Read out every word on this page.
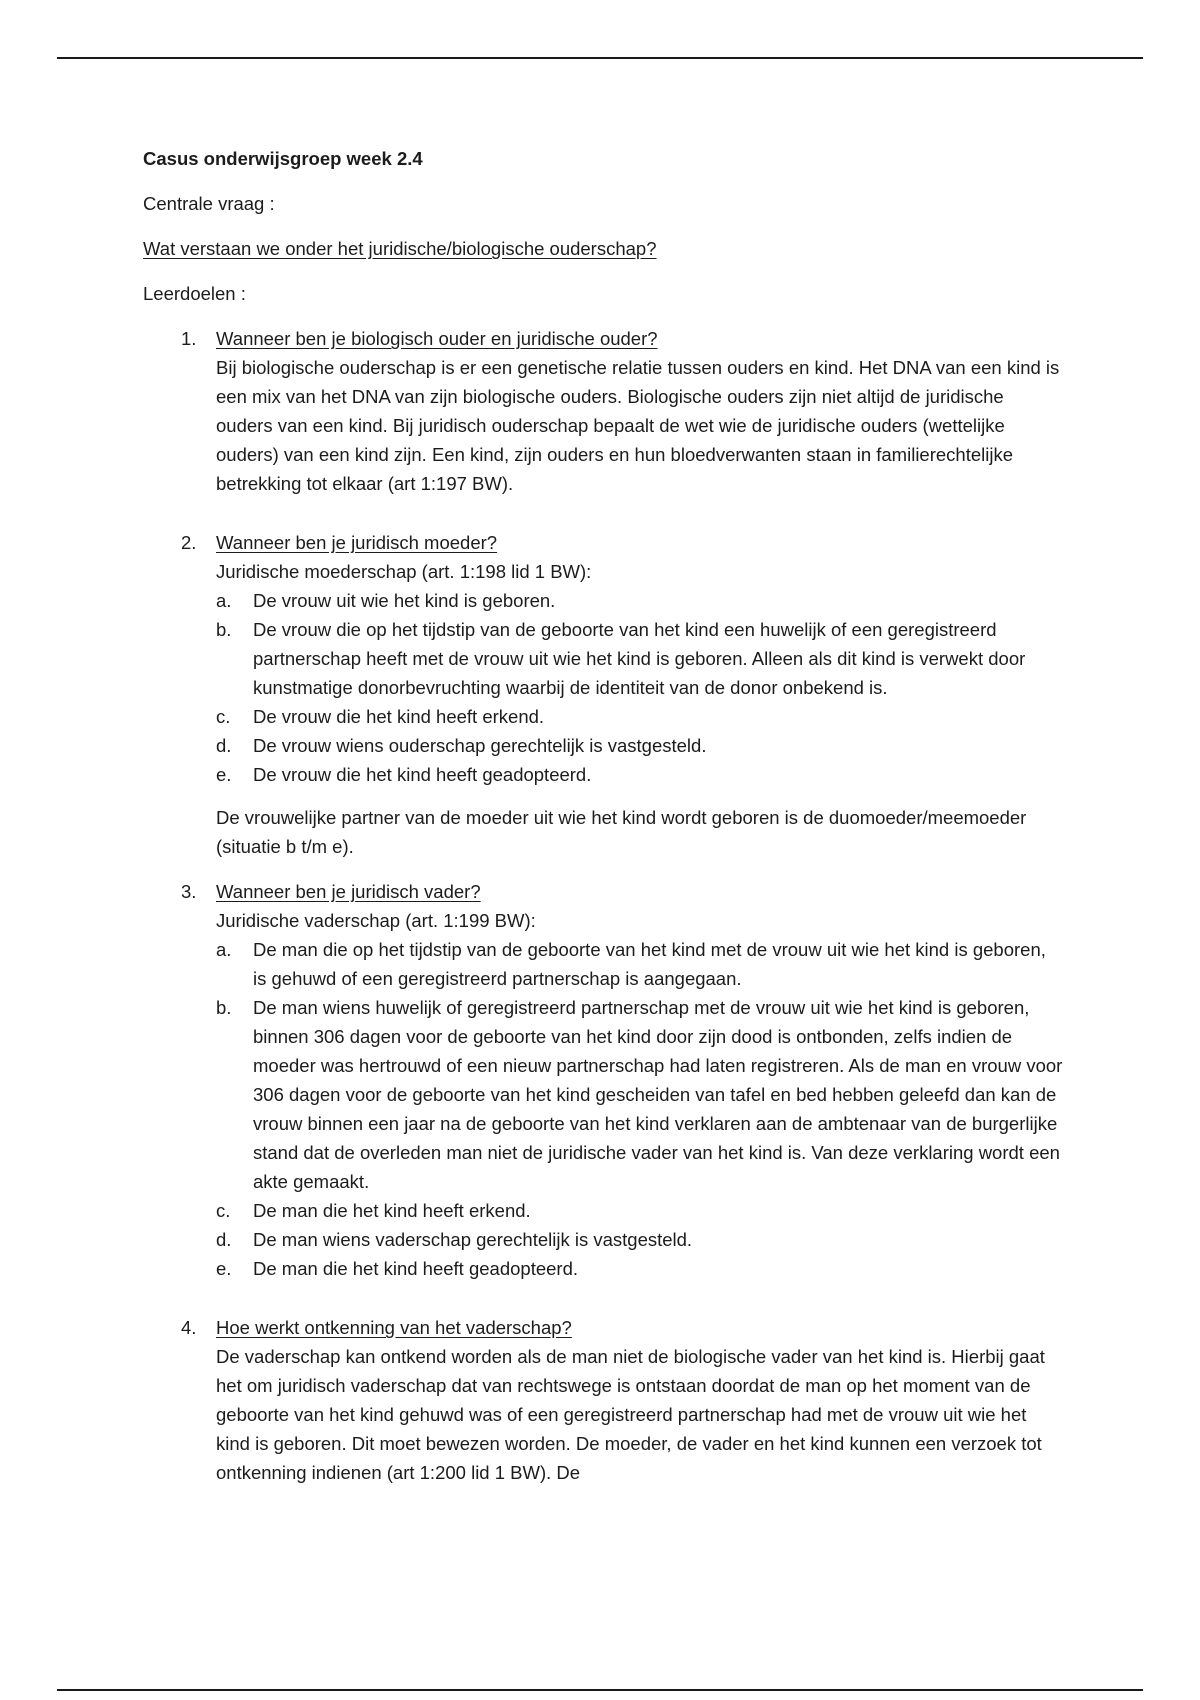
Casus onderwijsgroep week 2.4

Centrale vraag :

Wat verstaan we onder het juridische/biologische ouderschap?

Leerdoelen :

1. Wanneer ben je biologisch ouder en juridische ouder?

Bij biologische ouderschap is er een genetische relatie tussen ouders en kind. Het DNA van een kind is een mix van het DNA van zijn biologische ouders. Biologische ouders zijn niet altijd de juridische ouders van een kind. Bij juridisch ouderschap bepaalt de wet wie de juridische ouders (wettelijke ouders) van een kind zijn. Een kind, zijn ouders en hun bloedverwanten staan in familierechtelijke betrekking tot elkaar (art 1:197 BW).

2. Wanneer ben je juridisch moeder?

Juridische moederschap (art. 1:198 lid 1 BW):

a. De vrouw uit wie het kind is geboren.
b. De vrouw die op het tijdstip van de geboorte van het kind een huwelijk of een geregistreerd partnerschap heeft met de vrouw uit wie het kind is geboren. Alleen als dit kind is verwekt door kunstmatige donorbevruchting waarbij de identiteit van de donor onbekend is.
c. De vrouw die het kind heeft erkend.
d. De vrouw wiens ouderschap gerechtelijk is vastgesteld.
e. De vrouw die het kind heeft geadopteerd.

De vrouwelijke partner van de moeder uit wie het kind wordt geboren is de duomoeder/meemoeder (situatie b t/m e).

3. Wanneer ben je juridisch vader?

Juridische vaderschap (art. 1:199 BW):

a. De man die op het tijdstip van de geboorte van het kind met de vrouw uit wie het kind is geboren, is gehuwd of een geregistreerd partnerschap is aangegaan.
b. De man wiens huwelijk of geregistreerd partnerschap met de vrouw uit wie het kind is geboren, binnen 306 dagen voor de geboorte van het kind door zijn dood is ontbonden, zelfs indien de moeder was hertrouwd of een nieuw partnerschap had laten registreren. Als de man en vrouw voor 306 dagen voor de geboorte van het kind gescheiden van tafel en bed hebben geleefd dan kan de vrouw binnen een jaar na de geboorte van het kind verklaren aan de ambtenaar van de burgerlijke stand dat de overleden man niet de juridische vader van het kind is. Van deze verklaring wordt een akte gemaakt.
c. De man die het kind heeft erkend.
d. De man wiens vaderschap gerechtelijk is vastgesteld.
e. De man die het kind heeft geadopteerd.
4. Hoe werkt ontkenning van het vaderschap?

De vaderschap kan ontkend worden als de man niet de biologische vader van het kind is. Hierbij gaat het om juridisch vaderschap dat van rechtswege is ontstaan doordat de man op het moment van de geboorte van het kind gehuwd was of een geregistreerd partnerschap had met de vrouw uit wie het kind is geboren. Dit moet bewezen worden. De moeder, de vader en het kind kunnen een verzoek tot ontkenning indienen (art 1:200 lid 1 BW). De
